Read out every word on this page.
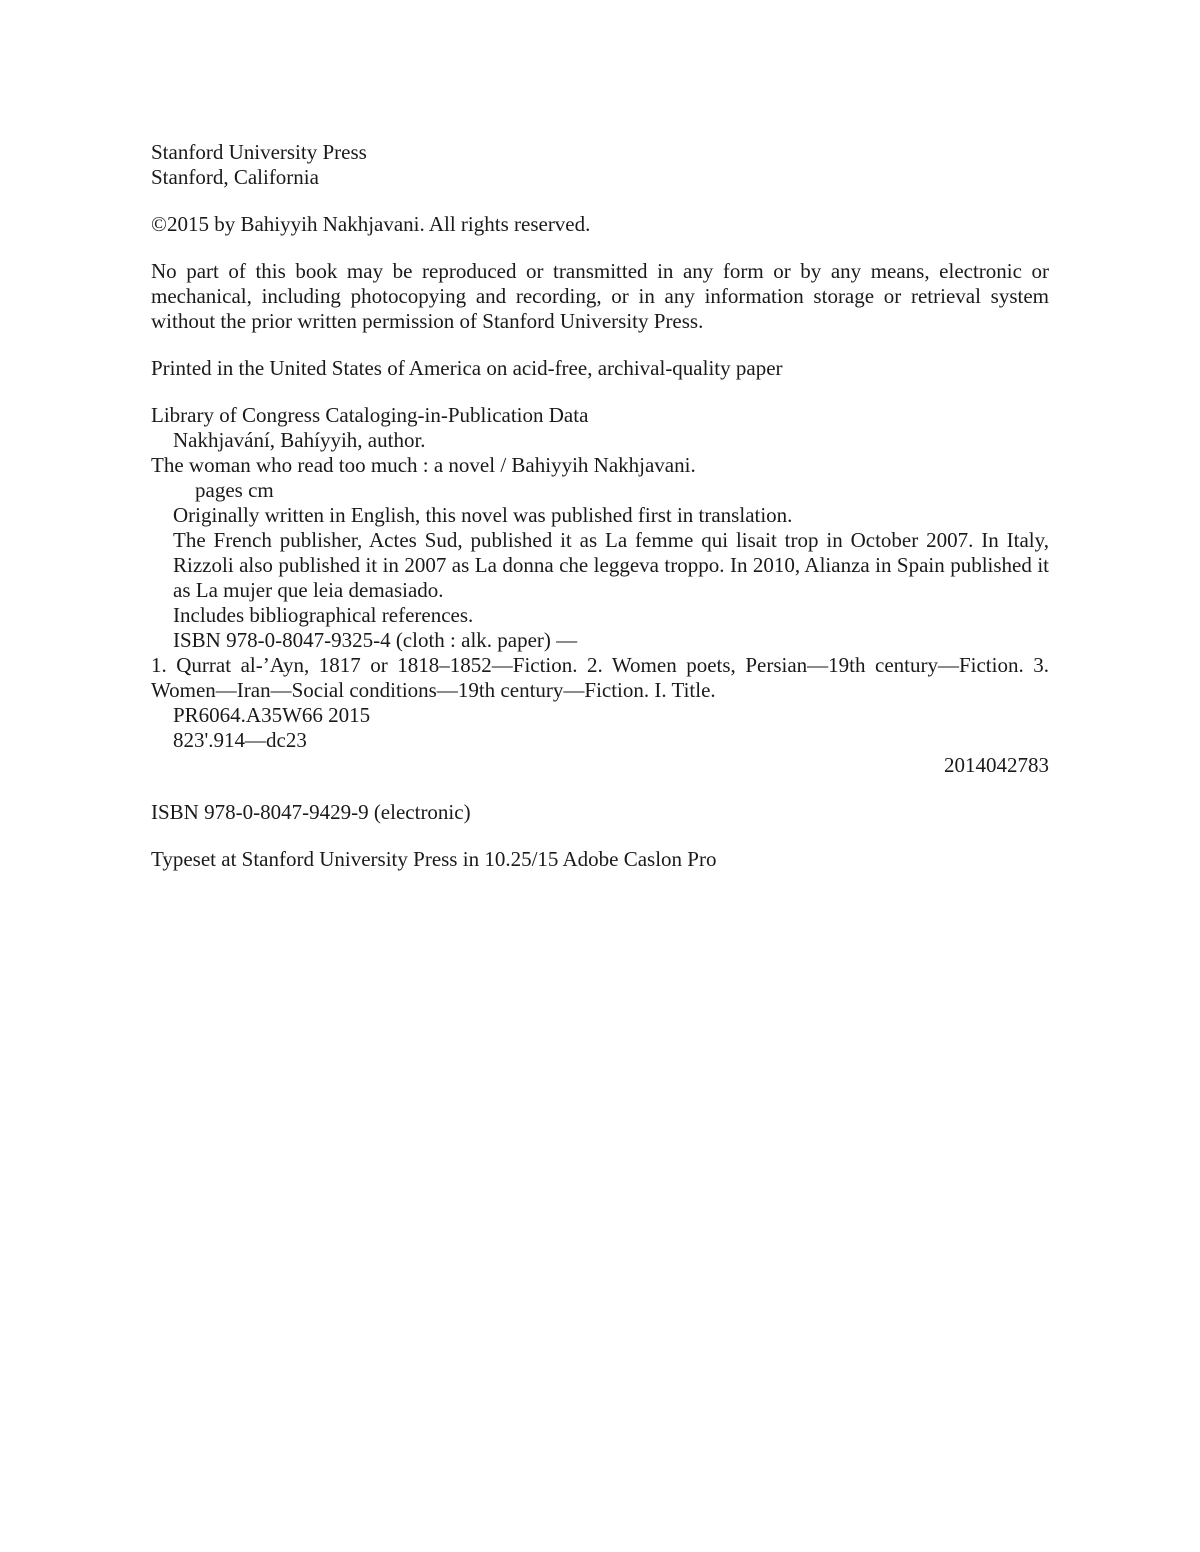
Stanford University Press
Stanford, California
©2015 by Bahiyyih Nakhjavani. All rights reserved.

No part of this book may be reproduced or transmitted in any form or by any means, electronic or mechanical, including photocopying and recording, or in any information storage or retrieval system without the prior written permission of Stanford University Press.

Printed in the United States of America on acid-free, archival-quality paper
Library of Congress Cataloging-in-Publication Data
Nakhjavání, Bahíyyih, author.
The woman who read too much : a novel / Bahiyyih Nakhjavani.
pages cm
Originally written in English, this novel was published first in translation.

The French publisher, Actes Sud, published it as La femme qui lisait trop in October 2007. In Italy, Rizzoli also published it in 2007 as La donna che leggeva troppo. In 2010, Alianza in Spain published it as La mujer que leia demasiado.

Includes bibliographical references.
ISBN 978-0-8047-9325-4 (cloth : alk. paper) —

1. Qurrat al-’Ayn, 1817 or 1818–1852—Fiction. 2. Women poets, Persian—19th century—Fiction. 3. Women—Iran—Social conditions—19th century—Fiction. I. Title.

PR6064.A35W66 2015
823'.914—dc23
2014042783
ISBN 978-0-8047-9429-9 (electronic)
Typeset at Stanford University Press in 10.25/15 Adobe Caslon Pro
